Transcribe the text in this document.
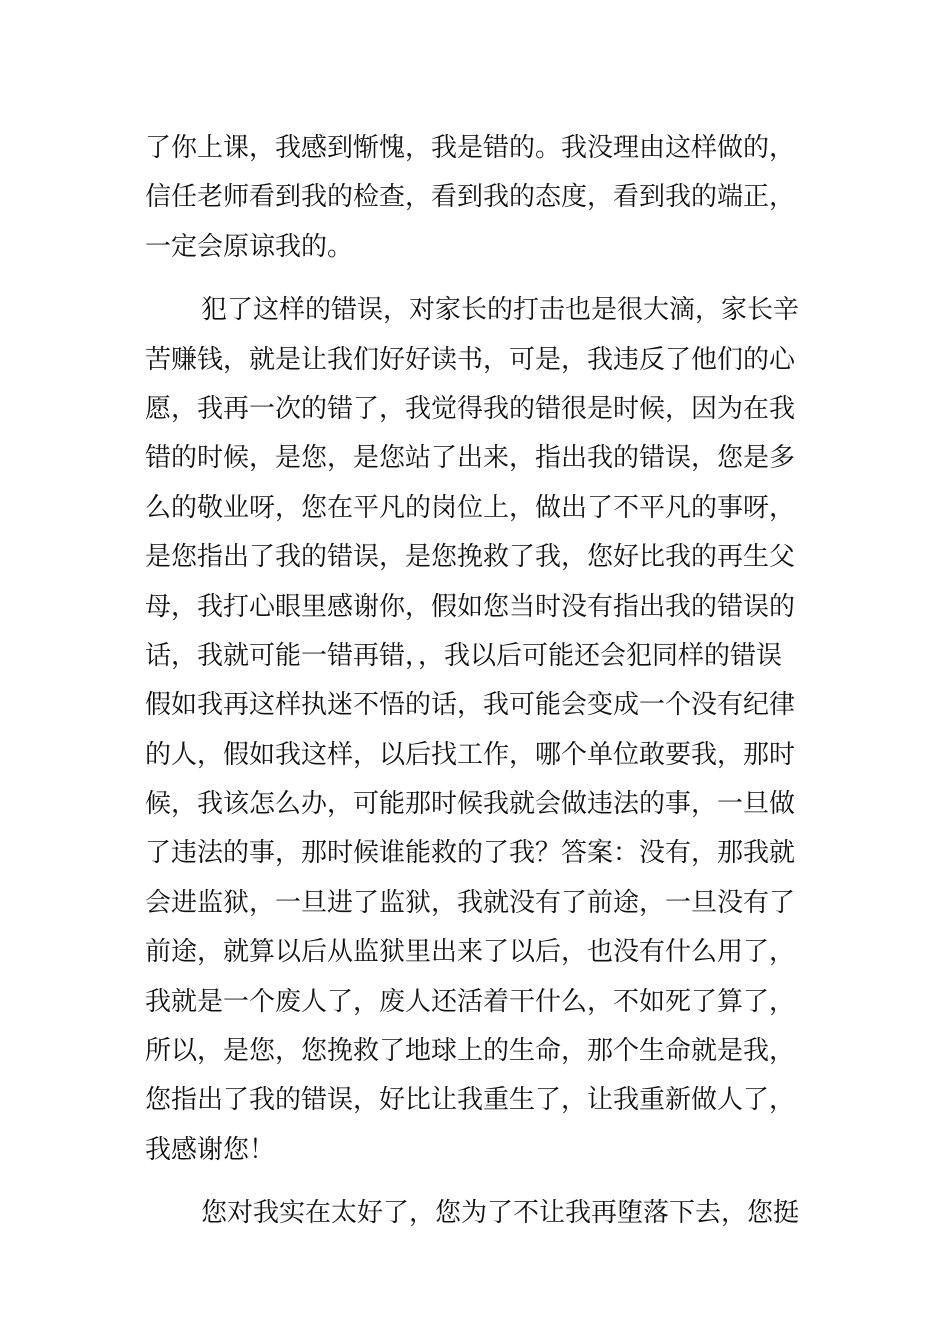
了你上课，我感到惭愧，我是错的。我没理由这样做的，
信任老师看到我的检查，看到我的态度，看到我的端正，
一定会原谅我的。
犯了这样的错误，对家长的打击也是很大滴，家长辛
苦赚钱，就是让我们好好读书，可是，我违反了他们的心
愿，我再一次的错了，我觉得我的错很是时候，因为在我
错的时候，是您，是您站了出来，指出我的错误，您是多
么的敬业呀，您在平凡的岗位上，做出了不平凡的事呀，
是您指出了我的错误，是您挽救了我，您好比我的再生父
母，我打心眼里感谢你，假如您当时没有指出我的错误的
话，我就可能一错再错，，我以后可能还会犯同样的错误
假如我再这样执迷不悟的话，我可能会变成一个没有纪律
的人，假如我这样，以后找工作，哪个单位敢要我，那时
候，我该怎么办，可能那时候我就会做违法的事，一旦做
了违法的事，那时候谁能救的了我？答案：没有，那我就
会进监狱，一旦进了监狱，我就没有了前途，一旦没有了
前途，就算以后从监狱里出来了以后，也没有什么用了，
我就是一个废人了，废人还活着干什么，不如死了算了，
所以，是您，您挽救了地球上的生命，那个生命就是我，
您指出了我的错误，好比让我重生了，让我重新做人了，
我感谢您！
您对我实在太好了，您为了不让我再堕落下去，您挺
